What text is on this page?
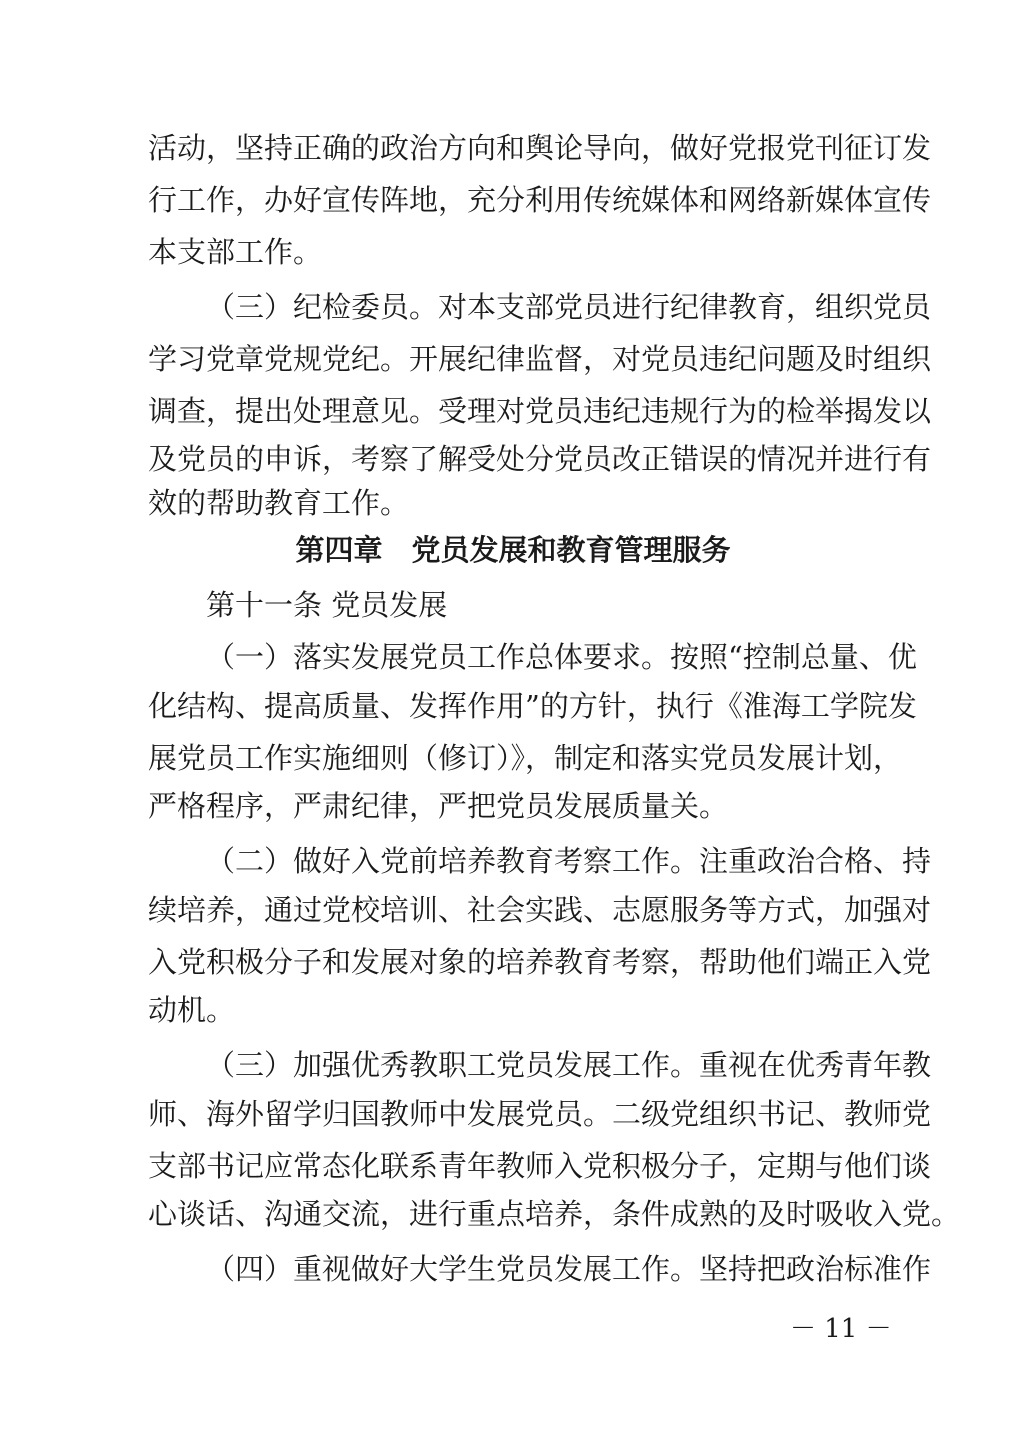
活动，坚持正确的政治方向和舆论导向，做好党报党刊征订发
行工作，办好宣传阵地，充分利用传统媒体和网络新媒体宣传
本支部工作。
（三）纪检委员。对本支部党员进行纪律教育，组织党员
学习党章党规党纪。开展纪律监督，对党员违纪问题及时组织
调查，提出处理意见。受理对党员违纪违规行为的检举揭发以
及党员的申诉，考察了解受处分党员改正错误的情况并进行有
效的帮助教育工作。
第四章　党员发展和教育管理服务
第十一条 党员发展
（一）落实发展党员工作总体要求。按照“控制总量、优
化结构、提高质量、发挥作用”的方针，执行《淮海工学院发
展党员工作实施细则（修订）》，制定和落实党员发展计划，
严格程序，严肃纪律，严把党员发展质量关。
（二）做好入党前培养教育考察工作。注重政治合格、持
续培养，通过党校培训、社会实践、志愿服务等方式，加强对
入党积极分子和发展对象的培养教育考察，帮助他们端正入党
动机。
（三）加强优秀教职工党员发展工作。重视在优秀青年教
师、海外留学归国教师中发展党员。二级党组织书记、教师党
支部书记应常态化联系青年教师入党积极分子，定期与他们谈
心谈话、沟通交流，进行重点培养，条件成熟的及时吸收入党。
（四）重视做好大学生党员发展工作。坚持把政治标准作
－ 11 －
